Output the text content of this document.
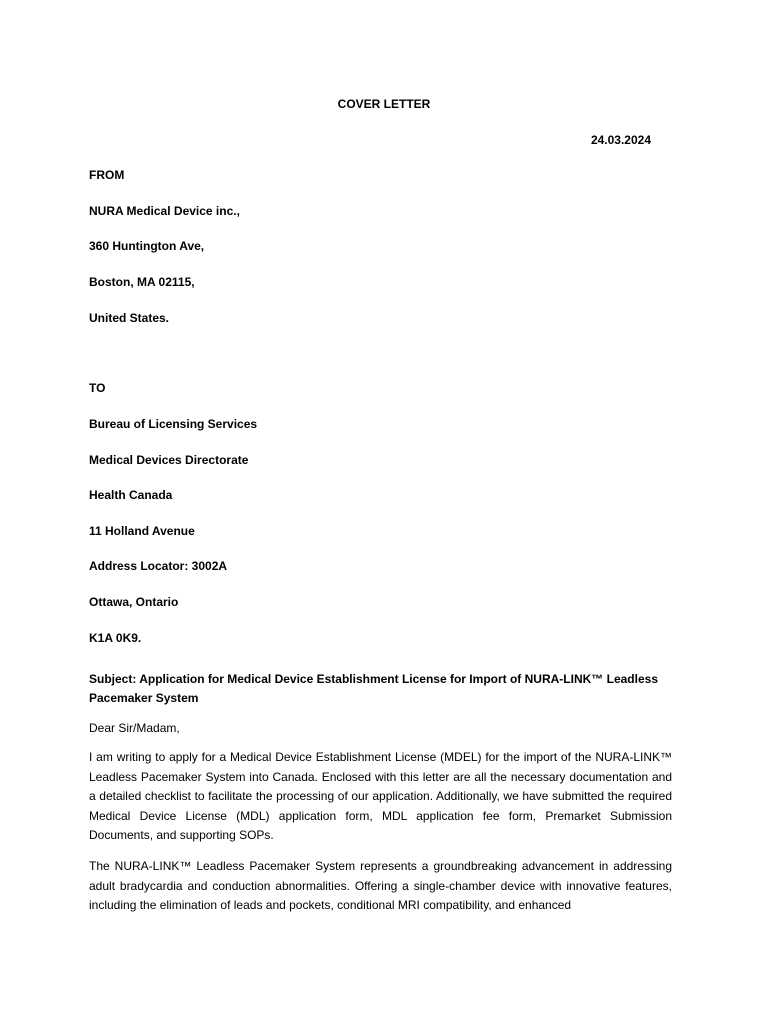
COVER LETTER
24.03.2024
FROM
NURA Medical Device inc.,
360 Huntington Ave,
Boston, MA 02115,
United States.
TO
Bureau of Licensing Services
Medical Devices Directorate
Health Canada
11 Holland Avenue
Address Locator: 3002A
Ottawa, Ontario
K1A 0K9.
Subject: Application for Medical Device Establishment License for Import of NURA-LINK™ Leadless Pacemaker System
Dear Sir/Madam,
I am writing to apply for a Medical Device Establishment License (MDEL) for the import of the NURA-LINK™ Leadless Pacemaker System into Canada. Enclosed with this letter are all the necessary documentation and a detailed checklist to facilitate the processing of our application. Additionally, we have submitted the required Medical Device License (MDL) application form, MDL application fee form, Premarket Submission Documents, and supporting SOPs.
The NURA-LINK™ Leadless Pacemaker System represents a groundbreaking advancement in addressing adult bradycardia and conduction abnormalities. Offering a single-chamber device with innovative features, including the elimination of leads and pockets, conditional MRI compatibility, and enhanced
